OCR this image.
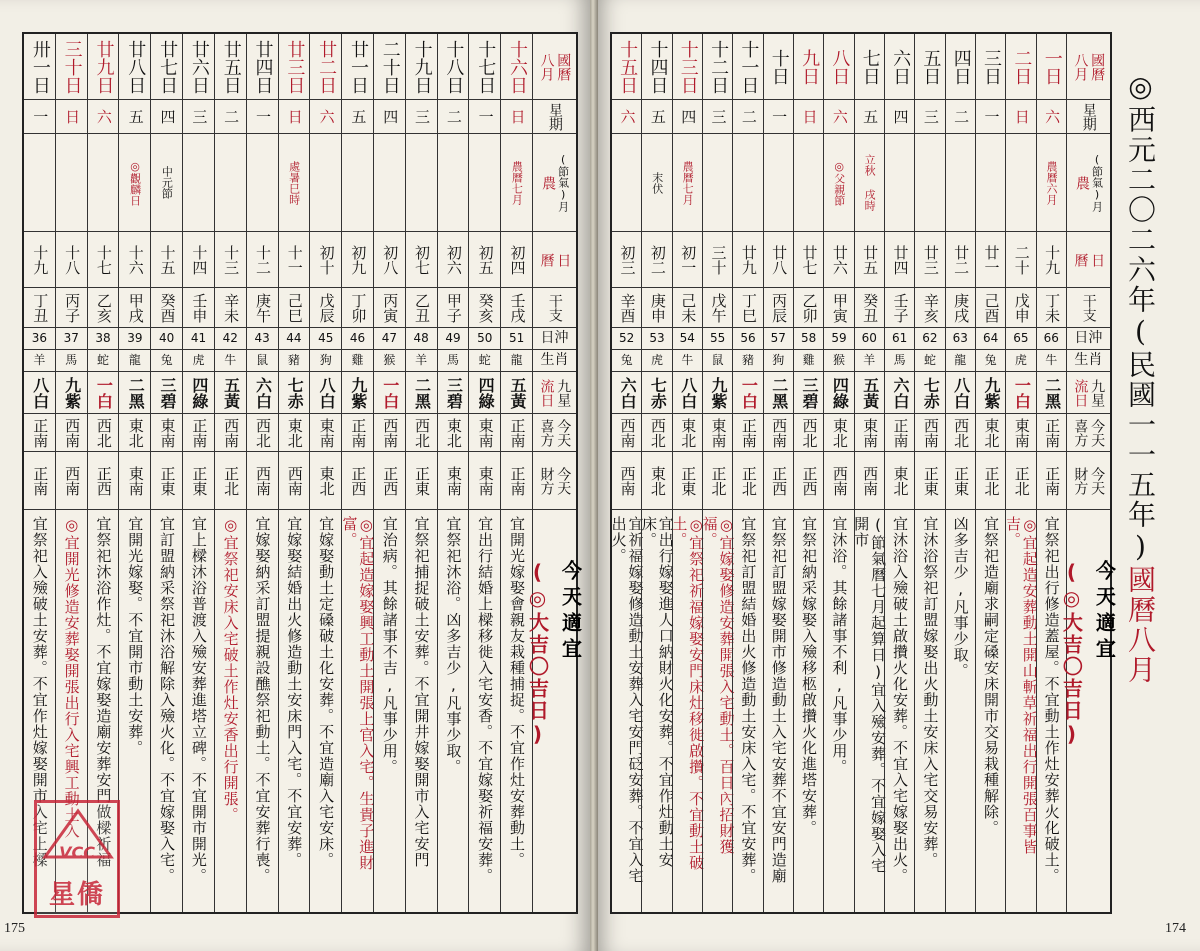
十五日
六
初三
辛酉
52
兔
六白
西南
西南
宜祈福嫁娶修造動土安葬入宅安門砭安葬。不宜入宅出火。
十四日
五
末伏
初二
庚申
53
虎
七赤
西北
東北
宜出行嫁娶進人口納財火化安葬。不宜作灶動土安床。
十三日
四
農曆七月
初一
己未
54
牛
八白
東北
正東
◎宜祭祀祈福嫁娶安門床灶移徙啟攢。不宜動土破土。
十二日
三
三十
戊午
55
鼠
九紫
東南
正北
◎宜嫁娶修造安葬開張入宅動土。百日內招財獲福。
十一日
二
廿九
丁巳
56
豬
一白
正南
正北
宜祭祀訂盟結婚出火修造動土安床入宅。不宜安葬。
十日
一
廿八
丙辰
57
狗
二黑
西南
正西
宜祭祀訂盟嫁娶開市修造動土入宅安葬不宜安門造廟
九日
日
廿七
乙卯
58
雞
三碧
西北
正西
宜祭祀納采嫁娶入殮移柩啟攢火化進塔安葬。
八日
六
◎父親節
廿六
甲寅
59
猴
四綠
東北
西南
宜沐浴。其餘諸事不利,凡事少用。
七日
五
立秋 戌時
廿五
癸丑
60
羊
五黃
東南
西南
(節氣曆七月起算日)宜入殮安葬。不宜嫁娶入宅開市
六日
四
廿四
壬子
61
馬
六白
正南
東北
宜沐浴入殮破土啟攢火化安葬。不宜入宅嫁娶出火。
五日
三
廿三
辛亥
62
蛇
七赤
西南
正東
宜沐浴祭祀訂盟嫁娶出火動土安床入宅交易安葬。
四日
二
廿二
庚戌
63
龍
八白
西北
正東
凶多吉少,凡事少取。
三日
一
廿一
己酉
64
兔
九紫
東北
正北
宜祭祀造廟求嗣定磉安床開市交易栽種解除。
二日
日
二十
戊申
65
虎
一白
東南
正北
◎宜起造安葬動土開山斬草祈福出行開張百事皆吉。
一日
六
農曆六月
十九
丁未
66
牛
二黑
正南
正南
宜祭祀出行修造蓋屋。不宜動土作灶安葬火化破土。
國曆
八月
星期
(節氣)月
農
日
曆
干支
日沖
生肖
九星
流日
今天
喜方
今天
財方
今天適宜
(◎大吉〇吉日)
◎西元二〇二六年(民國一一五年)國曆八月
174
卅一日
一
十九
丁丑
36
羊
八白
正南
正南
宜祭祀入殮破土安葬。不宜作灶嫁娶開市入宅上樑
三十日
日
十八
丙子
37
馬
九紫
西南
西南
◎宜開光修造安葬娶開張出行入宅興工動土入
廿九日
六
十七
乙亥
38
蛇
一白
西北
正西
宜祭祀沐浴作灶。不宜嫁娶造廟安葬安門做樑祈福
廿八日
五
◎觀麟日
十六
甲戌
39
龍
二黑
東北
東南
宜開光嫁娶。不宜開市動土安葬。
廿七日
四
中元節
十五
癸酉
40
兔
三碧
東南
正東
宜訂盟納采祭祀沐浴解除入殮火化。不宜嫁娶入宅。
廿六日
三
十四
壬申
41
虎
四綠
正南
正東
宜上樑沐浴普渡入殮安葬進塔立碑。不宜開市開光。
廿五日
二
十三
辛未
42
牛
五黃
西南
正北
◎宜祭祀安床入宅破土作灶安香出行開張。
廿四日
一
十二
庚午
43
鼠
六白
西北
西南
宜嫁娶納采訂盟提親設醮祭祀動土。不宜安葬行喪。
廿三日
日
處暑巳時
十一
己巳
44
豬
七赤
東北
西南
宜嫁娶結婚出火修造動土安床門入宅。不宜安葬。
廿二日
六
初十
戊辰
45
狗
八白
東南
東北
宜嫁娶動土定磉破土化安葬。不宜造廟入宅安床。
廿一日
五
初九
丁卯
46
雞
九紫
正南
正西
◎宜起造嫁娶興工動土開張上官入宅。生貴子進財富。
二十日
四
初八
丙寅
47
猴
一白
西南
正西
宜治病。其餘諸事不吉,凡事少用。
十九日
三
初七
乙丑
48
羊
二黑
西北
正東
宜祭祀捕捉破土安葬。不宜開井嫁娶開市入宅安門
十八日
二
初六
甲子
49
馬
三碧
東北
東南
宜祭祀沐浴。凶多吉少,凡事少取。
十七日
一
初五
癸亥
50
蛇
四綠
東南
東南
宜出行結婚上樑移徙入宅安香。不宜嫁娶祈福安葬。
十六日
日
農曆七月
初四
壬戌
51
龍
五黃
正南
正南
宜開光嫁娶會親友栽種捕捉。不宜作灶安葬動土。
國曆
八月
星期
(節氣)月
農
日
曆
干支
日沖
生肖
九星
流日
今天
喜方
今天
財方
今天適宜
(◎大吉〇吉日)
175
VCC
星僑
